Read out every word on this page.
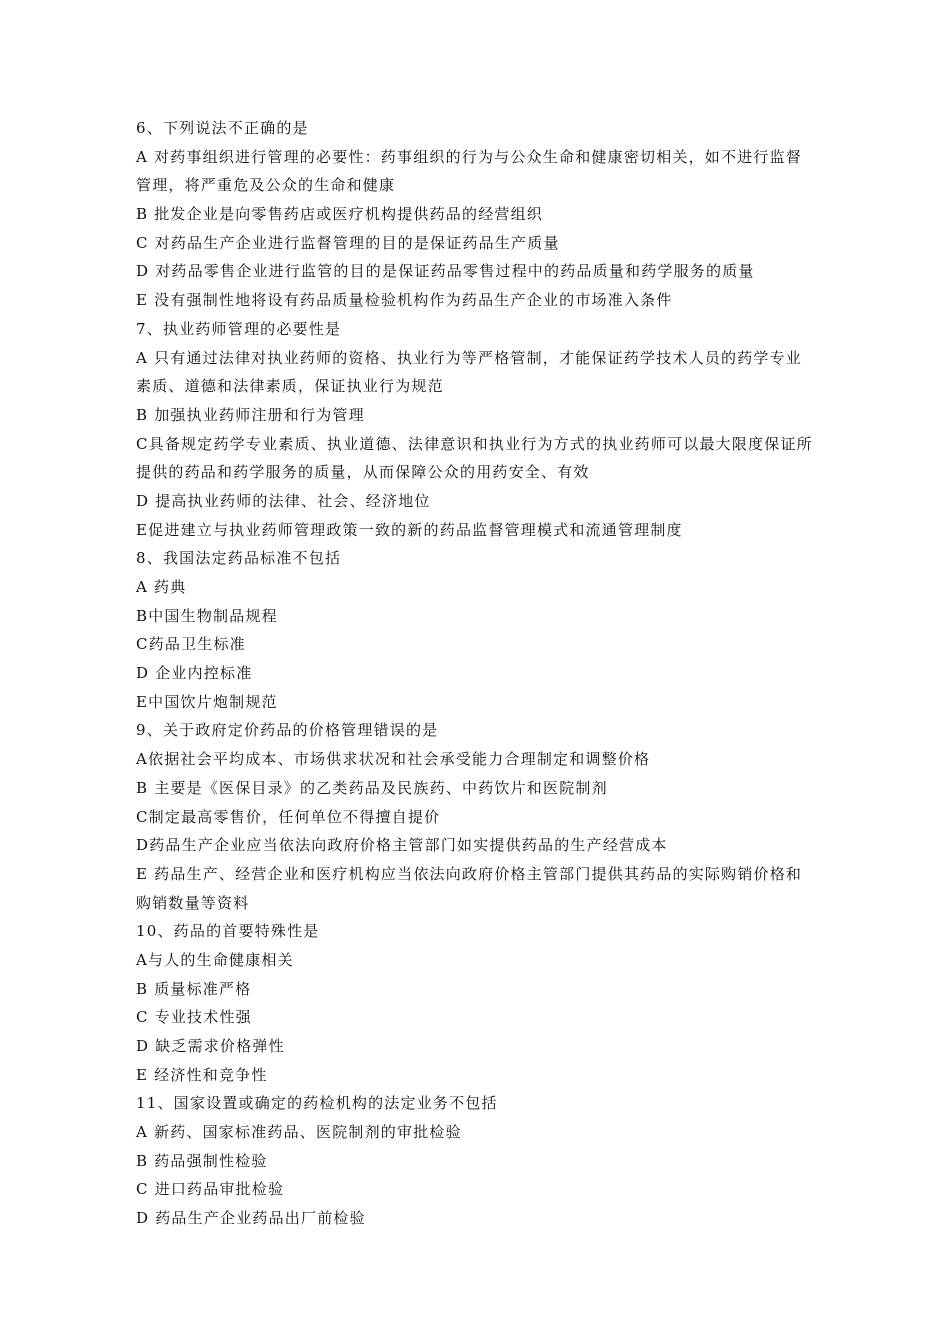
6、下列说法不正确的是
A 对药事组织进行管理的必要性：药事组织的行为与公众生命和健康密切相关，如不进行监督
管理，将严重危及公众的生命和健康
B 批发企业是向零售药店或医疗机构提供药品的经营组织
C 对药品生产企业进行监督管理的目的是保证药品生产质量
D 对药品零售企业进行监管的目的是保证药品零售过程中的药品质量和药学服务的质量
E 没有强制性地将设有药品质量检验机构作为药品生产企业的市场准入条件
7、执业药师管理的必要性是
A 只有通过法律对执业药师的资格、执业行为等严格管制，才能保证药学技术人员的药学专业
素质、道德和法律素质，保证执业行为规范
B 加强执业药师注册和行为管理
C具备规定药学专业素质、执业道德、法律意识和执业行为方式的执业药师可以最大限度保证所
提供的药品和药学服务的质量，从而保障公众的用药安全、有效
D 提高执业药师的法律、社会、经济地位
E促进建立与执业药师管理政策一致的新的药品监督管理模式和流通管理制度
8、我国法定药品标准不包括
A 药典
B中国生物制品规程
C药品卫生标准
D 企业内控标准
E中国饮片炮制规范
9、关于政府定价药品的价格管理错误的是
A依据社会平均成本、市场供求状况和社会承受能力合理制定和调整价格
B 主要是《医保目录》的乙类药品及民族药、中药饮片和医院制剂
C制定最高零售价，任何单位不得擅自提价
D药品生产企业应当依法向政府价格主管部门如实提供药品的生产经营成本
E 药品生产、经营企业和医疗机构应当依法向政府价格主管部门提供其药品的实际购销价格和
购销数量等资料
10、药品的首要特殊性是
A与人的生命健康相关
B 质量标准严格
C 专业技术性强
D 缺乏需求价格弹性
E 经济性和竞争性
11、国家设置或确定的药检机构的法定业务不包括
A 新药、国家标准药品、医院制剂的审批检验
B 药品强制性检验
C 进口药品审批检验
D 药品生产企业药品出厂前检验
